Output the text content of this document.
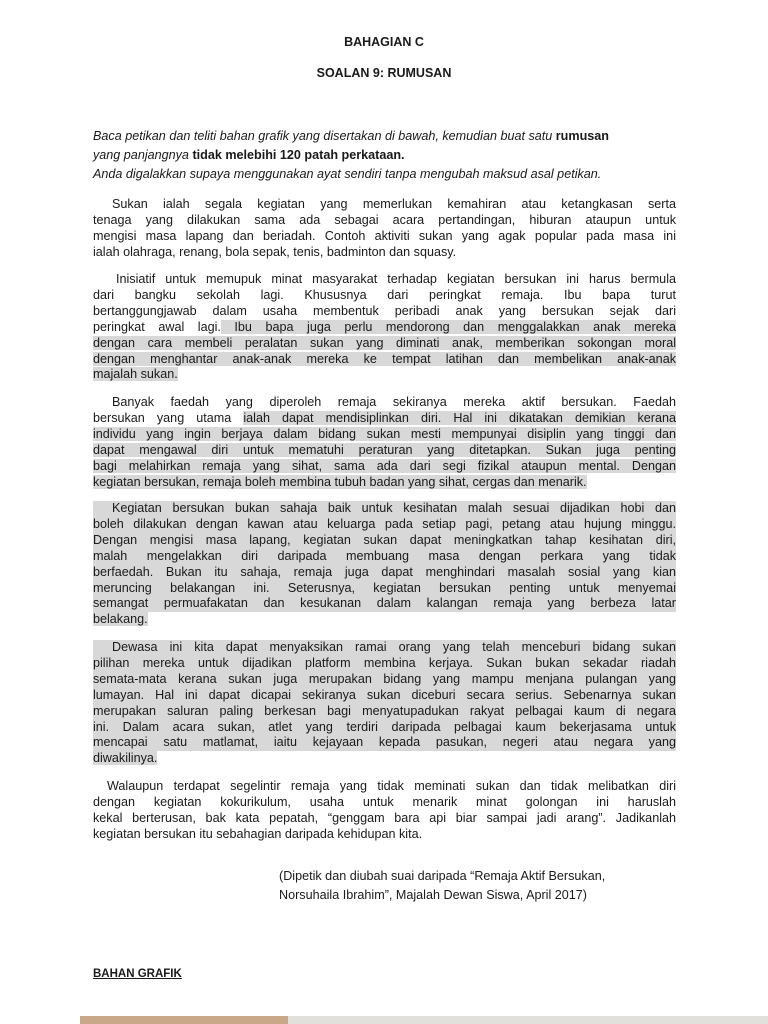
BAHAGIAN C
SOALAN 9: RUMUSAN
Baca petikan dan teliti bahan grafik yang disertakan di bawah, kemudian buat satu rumusan
yang panjangnya tidak melebihi 120 patah perkataan.
Anda digalakkan supaya menggunakan ayat sendiri tanpa mengubah maksud asal petikan.
Sukan ialah segala kegiatan yang memerlukan kemahiran atau ketangkasan serta
tenaga yang dilakukan sama ada sebagai acara pertandingan, hiburan ataupun untuk
mengisi masa lapang dan beriadah. Contoh aktiviti sukan yang agak popular pada masa ini
ialah olahraga, renang, bola sepak, tenis, badminton dan squasy.
Inisiatif untuk memupuk minat masyarakat terhadap kegiatan bersukan ini harus bermula
dari bangku sekolah lagi. Khususnya dari peringkat remaja. Ibu bapa turut
bertanggungjawab dalam usaha membentuk peribadi anak yang bersukan sejak dari
peringkat awal lagi. Ibu bapa juga perlu mendorong dan menggalakkan anak mereka
dengan cara membeli peralatan sukan yang diminati anak, memberikan sokongan moral
dengan menghantar anak-anak mereka ke tempat latihan dan membelikan anak-anak
majalah sukan.
Banyak faedah yang diperoleh remaja sekiranya mereka aktif bersukan. Faedah
bersukan yang utama ialah dapat mendisiplinkan diri. Hal ini dikatakan demikian kerana
individu yang ingin berjaya dalam bidang sukan mesti mempunyai disiplin yang tinggi dan
dapat mengawal diri untuk mematuhi peraturan yang ditetapkan. Sukan juga penting
bagi melahirkan remaja yang sihat, sama ada dari segi fizikal ataupun mental. Dengan
kegiatan bersukan, remaja boleh membina tubuh badan yang sihat, cergas dan menarik.
Kegiatan bersukan bukan sahaja baik untuk kesihatan malah sesuai dijadikan hobi dan
boleh dilakukan dengan kawan atau keluarga pada setiap pagi, petang atau hujung minggu.
Dengan mengisi masa lapang, kegiatan sukan dapat meningkatkan tahap kesihatan diri,
malah mengelakkan diri daripada membuang masa dengan perkara yang tidak
berfaedah. Bukan itu sahaja, remaja juga dapat menghindari masalah sosial yang kian
meruncing belakangan ini. Seterusnya, kegiatan bersukan penting untuk menyemai
semangat permuafakatan dan kesukanan dalam kalangan remaja yang berbeza latar
belakang.
Dewasa ini kita dapat menyaksikan ramai orang yang telah menceburi bidang sukan
pilihan mereka untuk dijadikan platform membina kerjaya. Sukan bukan sekadar riadah
semata-mata kerana sukan juga merupakan bidang yang mampu menjana pulangan yang
lumayan. Hal ini dapat dicapai sekiranya sukan diceburi secara serius. Sebenarnya sukan
merupakan saluran paling berkesan bagi menyatupadukan rakyat pelbagai kaum di negara
ini. Dalam acara sukan, atlet yang terdiri daripada pelbagai kaum bekerjasama untuk
mencapai satu matlamat, iaitu kejayaan kepada pasukan, negeri atau negara yang
diwakilinya.
Walaupun terdapat segelintir remaja yang tidak meminati sukan dan tidak melibatkan diri
dengan kegiatan kokurikulum, usaha untuk menarik minat golongan ini haruslah
kekal berterusan, bak kata pepatah, “genggam bara api biar sampai jadi arang”. Jadikanlah
kegiatan bersukan itu sebahagian daripada kehidupan kita.
(Dipetik dan diubah suai daripada “Remaja Aktif Bersukan,
Norsuhaila Ibrahim”, Majalah Dewan Siswa, April 2017)
BAHAN GRAFIK
